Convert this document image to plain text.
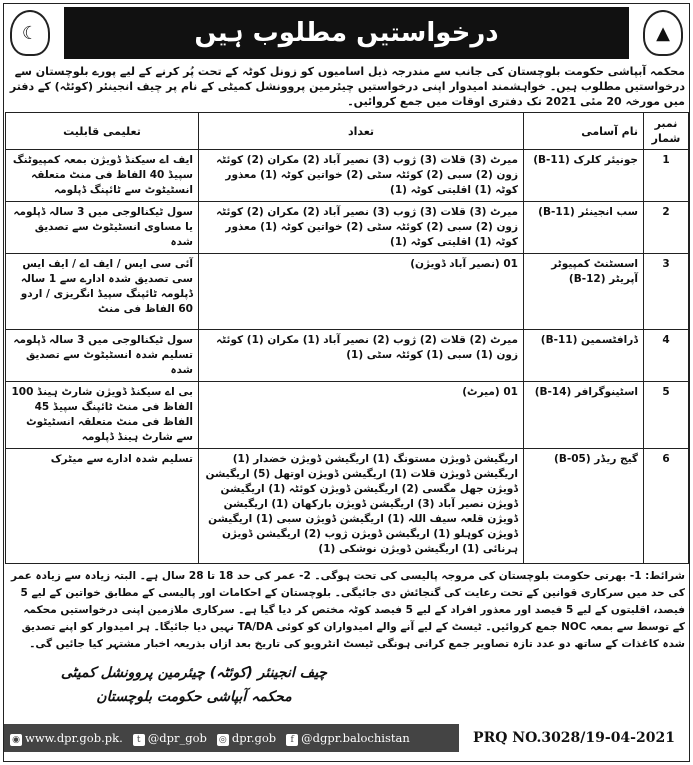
☾	درخواستیں مطلوب ہیں	▲
محکمہ آبپاشی حکومت بلوچستان کی جانب سے مندرجہ ذیل اسامیوں کو زونل کوٹہ کے تحت پُر کرنے کے لیے پورے بلوچستان سے درخواستیں مطلوب ہیں۔ خواہشمند امیدوار اپنی درخواستیں چیئرمین پروونشل کمیٹی کے نام پر چیف انجینئر (کوئٹہ) کے دفتر میں مورخہ 20 مئی 2021 تک دفتری اوقات میں جمع کروائیں۔
نمبر شمار	نام آسامی	تعداد	تعلیمی قابلیت
1	جونیئر کلرک (B-11)	میرٹ (3) قلات (3) ژوب (3) نصیر آباد (2) مکران (2) کوئٹہ زون (2) سبی (2) کوئٹہ سٹی (2) خواتین کوٹہ (1) معذور کوٹہ (1) اقلیتی کوٹہ (1)	ایف اے سیکنڈ ڈویژن بمعہ کمپیوٹنگ سپیڈ 40 الفاظ فی منٹ متعلقہ انسٹیٹوٹ سے ٹائپنگ ڈپلومہ
2	سب انجینئر (B-11)	میرٹ (3) قلات (3) ژوب (3) نصیر آباد (2) مکران (2) کوئٹہ زون (2) سبی (2) کوئٹہ سٹی (2) خواتین کوٹہ (1) معذور کوٹہ (1) اقلیتی کوٹہ (1)	سول ٹیکنالوجی میں 3 سالہ ڈپلومہ یا مساوی انسٹیٹوٹ سے تصدیق شدہ
3	اسسٹنٹ کمپیوٹر آپریٹر (B-12)	01 (نصیر آباد ڈویژن)	آئی سی ایس / ایف اے / ایف ایس سی تصدیق شدہ ادارے سے 1 سالہ ڈپلومہ ٹائپنگ سپیڈ انگریزی / اردو 60 الفاظ فی منٹ
4	ڈرافٹسمین (B-11)	میرٹ (2) قلات (2) ژوب (2) نصیر آباد (1) مکران (1) کوئٹہ زون (1) سبی (1) کوئٹہ سٹی (1)	سول ٹیکنالوجی میں 3 سالہ ڈپلومہ تسلیم شدہ انسٹیٹوٹ سے تصدیق شدہ
5	اسٹینوگرافر (B-14)	01 (میرٹ)	بی اے سیکنڈ ڈویژن شارٹ ہینڈ 100 الفاظ فی منٹ ٹائپنگ سپیڈ 45 الفاظ فی منٹ متعلقہ انسٹیٹوٹ سے شارٹ ہینڈ ڈپلومہ
6	گیج ریڈر (B-05)	اریگیشن ڈویژن مستونگ (1) اریگیشن ڈویژن خضدار (1) اریگیشن ڈویژن قلات (1) اریگیشن ڈویژن اوتھل (5) اریگیشن ڈویژن جھل مگسی (2) اریگیشن ڈویژن کوئٹہ (1) اریگیشن ڈویژن نصیر آباد (3) اریگیشن ڈویژن بارکھان (1) اریگیشن ڈویژن قلعہ سیف اللہ (1) اریگیشن ڈویژن سبی (1) اریگیشن ڈویژن کوہلو (1) اریگیشن ڈویژن ژوب (2) اریگیشن ڈویژن ہرنائی (1) اریگیشن ڈویژن نوشکی (1)	تسلیم شدہ ادارے سے میٹرک
شرائط: 1- بھرتی حکومت بلوچستان کی مروجہ پالیسی کی تحت ہوگی۔ 2- عمر کی حد 18 تا 28 سال ہے۔ البتہ زیادہ سے زیادہ عمر کی حد میں سرکاری قوانین کے تحت رعایت کی گنجائش دی جائیگی۔ بلوچستان کے احکامات اور پالیسی کے مطابق خواتین کے لیے 5 فیصد، اقلیتوں کے لیے 5 فیصد اور معذور افراد کے لیے 5 فیصد کوٹہ مختص کر دیا گیا ہے۔ سرکاری ملازمین اپنی درخواستیں محکمہ کے توسط سے بمعہ NOC جمع کروائیں۔ ٹیسٹ کے لیے آنے والے امیدواران کو کوئی TA/DA نہیں دیا جائیگا۔ ہر امیدوار کو اپنے تصدیق شدہ کاغذات کے ساتھ دو عدد تازہ تصاویر جمع کرانی ہونگی ٹیسٹ انٹرویو کی تاریخ بعد ازاں بذریعہ اخبار مشتہر کیا جائیں گی۔
چیف انجینئر (کوئٹہ) چیئرمین پروونشل کمیٹی
محکمہ آبپاشی حکومت بلوچستان
◉ www.dpr.gob.pk.	t @dpr_gob ◎ dpr.gob	f @dgpr.balochistan	PRQ NO.3028/19-04-2021
